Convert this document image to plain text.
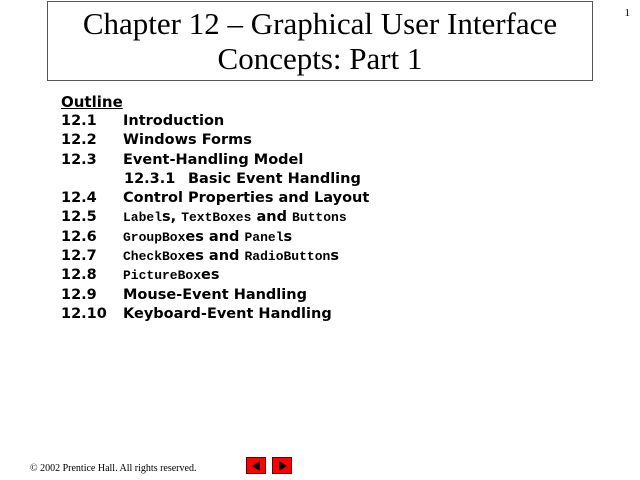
1
Chapter 12 – Graphical User Interface
Concepts: Part 1
Outline
12.1	Introduction
12.2	Windows Forms
12.3	Event-Handling Model
12.3.1 Basic Event Handling
12.4	Control Properties and Layout
12.5	Labels, TextBoxes and Buttons
12.6	GroupBoxes and Panels
12.7	CheckBoxes and RadioButtons
12.8	PictureBoxes
12.9	Mouse-Event Handling
12.10	Keyboard-Event Handling
© 2002 Prentice Hall. All rights reserved.
